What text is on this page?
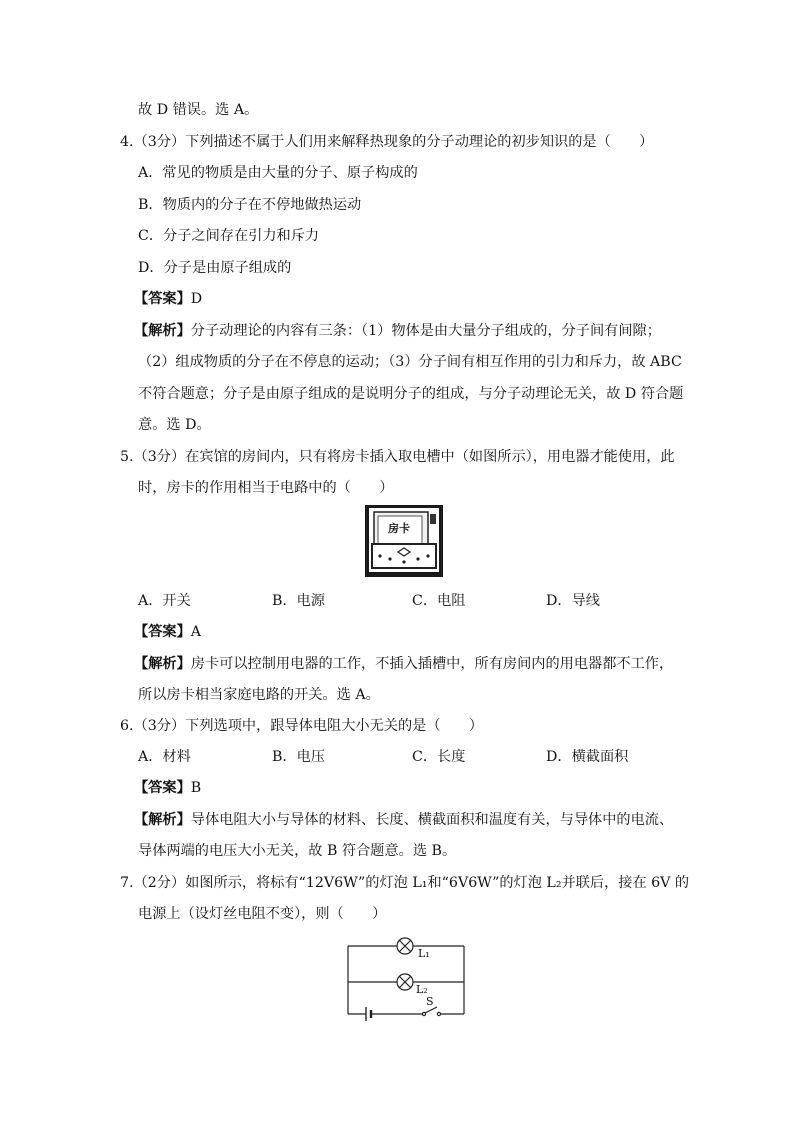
故 D 错误。选 A。
4.（3分）下列描述不属于人们用来解释热现象的分子动理论的初步知识的是（　　）
A．常见的物质是由大量的分子、原子构成的
B．物质内的分子在不停地做热运动
C．分子之间存在引力和斥力
D．分子是由原子组成的
【答案】D
【解析】分子动理论的内容有三条：（1）物体是由大量分子组成的，分子间有间隙；
（2）组成物质的分子在不停息的运动；（3）分子间有相互作用的引力和斥力，故 ABC
不符合题意；分子是由原子组成的是说明分子的组成，与分子动理论无关，故 D 符合题
意。选 D。
5.（3分）在宾馆的房间内，只有将房卡插入取电槽中（如图所示），用电器才能使用，此
时，房卡的作用相当于电路中的（　　）
房卡
A．开关	B．电源	C．电阻	D．导线
【答案】A
【解析】房卡可以控制用电器的工作，不插入插槽中，所有房间内的用电器都不工作，
所以房卡相当家庭电路的开关。选 A。
6.（3分）下列选项中，跟导体电阻大小无关的是（　　）
A．材料	B．电压	C．长度	D．横截面积
【答案】B
【解析】导体电阻大小与导体的材料、长度、横截面积和温度有关，与导体中的电流、
导体两端的电压大小无关，故 B 符合题意。选 B。
7.（2分）如图所示，将标有“12V6W”的灯泡 L₁和“6V6W”的灯泡 L₂并联后，接在 6V 的
电源上（设灯丝电阻不变），则（　　）
L₁
L₂
S
